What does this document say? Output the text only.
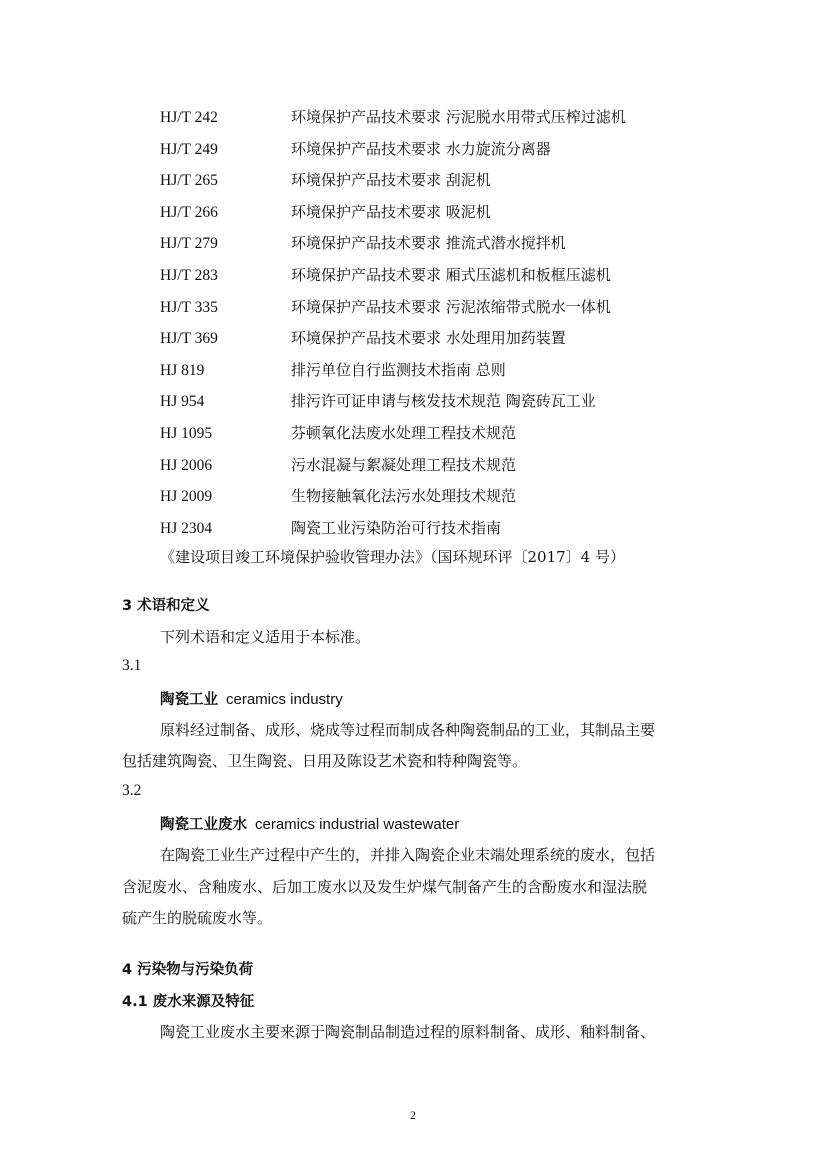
HJ/T 242	环境保护产品技术要求 污泥脱水用带式压榨过滤机
HJ/T 249	环境保护产品技术要求 水力旋流分离器
HJ/T 265	环境保护产品技术要求 刮泥机
HJ/T 266	环境保护产品技术要求 吸泥机
HJ/T 279	环境保护产品技术要求 推流式潜水搅拌机
HJ/T 283	环境保护产品技术要求 厢式压滤机和板框压滤机
HJ/T 335	环境保护产品技术要求 污泥浓缩带式脱水一体机
HJ/T 369	环境保护产品技术要求 水处理用加药装置
HJ 819	排污单位自行监测技术指南 总则
HJ 954	排污许可证申请与核发技术规范 陶瓷砖瓦工业
HJ 1095	芬顿氧化法废水处理工程技术规范
HJ 2006	污水混凝与絮凝处理工程技术规范
HJ 2009	生物接触氧化法污水处理技术规范
HJ 2304	陶瓷工业污染防治可行技术指南
《建设项目竣工环境保护验收管理办法》（国环规环评〔2017〕4 号）
3 术语和定义
下列术语和定义适用于本标准。
3.1
陶瓷工业 ceramics industry
原料经过制备、成形、烧成等过程而制成各种陶瓷制品的工业，其制品主要
包括建筑陶瓷、卫生陶瓷、日用及陈设艺术瓷和特种陶瓷等。
3.2
陶瓷工业废水 ceramics industrial wastewater
在陶瓷工业生产过程中产生的，并排入陶瓷企业末端处理系统的废水，包括
含泥废水、含釉废水、后加工废水以及发生炉煤气制备产生的含酚废水和湿法脱
硫产生的脱硫废水等。
4 污染物与污染负荷
4.1 废水来源及特征
陶瓷工业废水主要来源于陶瓷制品制造过程的原料制备、成形、釉料制备、
2
